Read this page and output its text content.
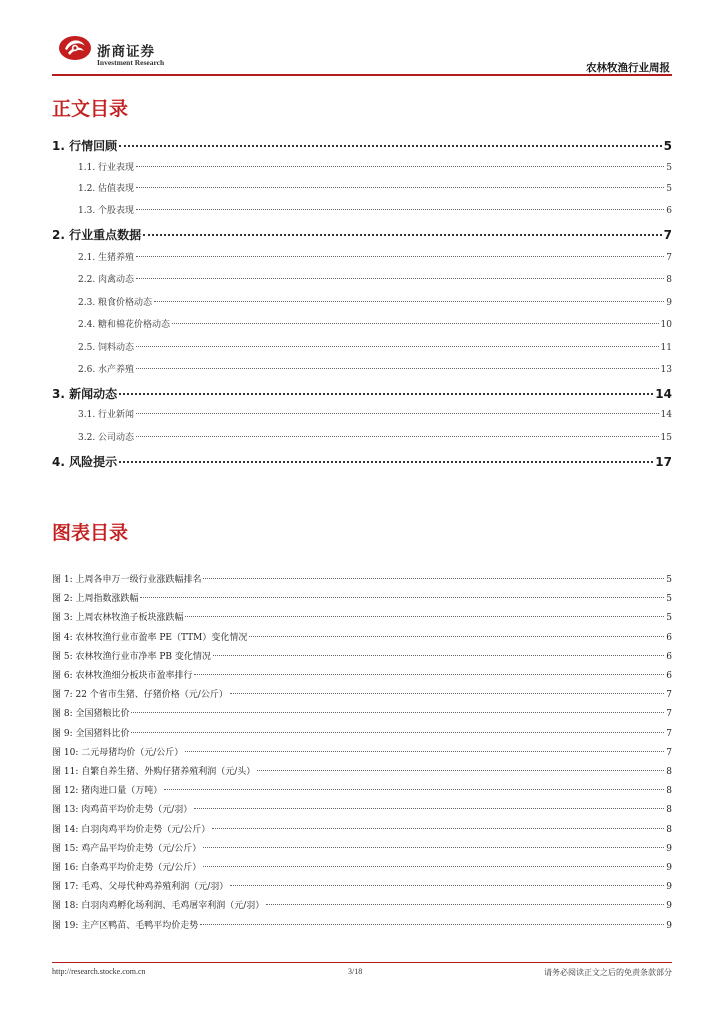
浙商证券
Investment Research	农林牧渔行业周报
正文目录
1. 行情回顾	5
1.1. 行业表现	5
1.2. 估值表现	5
1.3. 个股表现	6
2. 行业重点数据	7
2.1. 生猪养殖	7
2.2. 肉禽动态	8
2.3. 粮食价格动态	9
2.4. 糖和棉花价格动态	10
2.5. 饲料动态	11
2.6. 水产养殖	13
3. 新闻动态	14
3.1. 行业新闻	14
3.2. 公司动态	15
4. 风险提示	17
图表目录
图 1: 上周各申万一级行业涨跌幅排名	5
图 2: 上周指数涨跌幅	5
图 3: 上周农林牧渔子板块涨跌幅	5
图 4: 农林牧渔行业市盈率 PE（TTM）变化情况	6
图 5: 农林牧渔行业市净率 PB 变化情况	6
图 6: 农林牧渔细分板块市盈率排行	6
图 7: 22 个省市生猪、仔猪价格（元/公斤）	7
图 8: 全国猪粮比价	7
图 9: 全国猪料比价	7
图 10: 二元母猪均价（元/公斤）	7
图 11: 自繁自养生猪、外购仔猪养殖利润（元/头）	8
图 12: 猪肉进口量（万吨）	8
图 13: 肉鸡苗平均价走势（元/羽）	8
图 14: 白羽肉鸡平均价走势（元/公斤）	8
图 15: 鸡产品平均价走势（元/公斤）	9
图 16: 白条鸡平均价走势（元/公斤）	9
图 17: 毛鸡、父母代种鸡养殖利润（元/羽）	9
图 18: 白羽肉鸡孵化场利润、毛鸡屠宰利润（元/羽）	9
图 19: 主产区鸭苗、毛鸭平均价走势	9
http://research.stocke.com.cn	3/18	请务必阅读正文之后的免责条款部分
